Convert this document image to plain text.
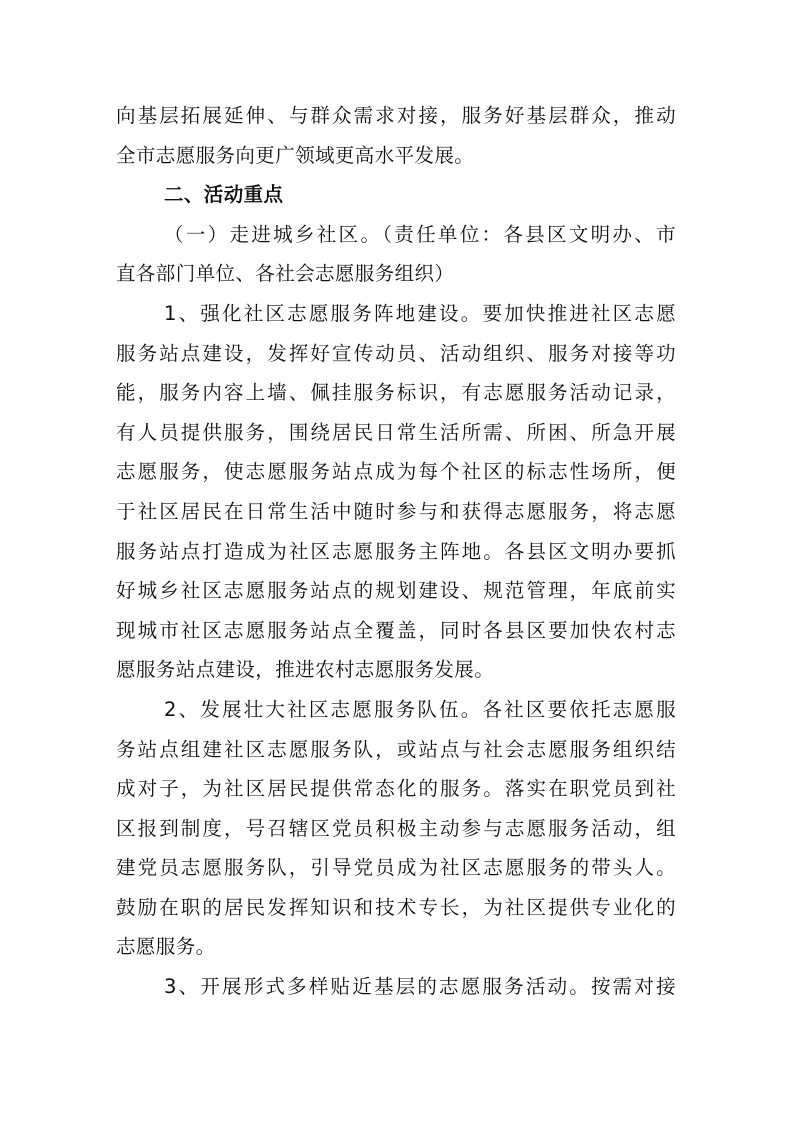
向基层拓展延伸、与群众需求对接，服务好基层群众，推动
全市志愿服务向更广领域更高水平发展。
二、活动重点
（一）走进城乡社区。（责任单位：各县区文明办、市
直各部门单位、各社会志愿服务组织）
1、强化社区志愿服务阵地建设。要加快推进社区志愿
服务站点建设，发挥好宣传动员、活动组织、服务对接等功
能，服务内容上墙、佩挂服务标识，有志愿服务活动记录，
有人员提供服务，围绕居民日常生活所需、所困、所急开展
志愿服务，使志愿服务站点成为每个社区的标志性场所，便
于社区居民在日常生活中随时参与和获得志愿服务，将志愿
服务站点打造成为社区志愿服务主阵地。各县区文明办要抓
好城乡社区志愿服务站点的规划建设、规范管理，年底前实
现城市社区志愿服务站点全覆盖，同时各县区要加快农村志
愿服务站点建设，推进农村志愿服务发展。
2、发展壮大社区志愿服务队伍。各社区要依托志愿服
务站点组建社区志愿服务队，或站点与社会志愿服务组织结
成对子，为社区居民提供常态化的服务。落实在职党员到社
区报到制度，号召辖区党员积极主动参与志愿服务活动，组
建党员志愿服务队，引导党员成为社区志愿服务的带头人。
鼓励在职的居民发挥知识和技术专长，为社区提供专业化的
志愿服务。
3、开展形式多样贴近基层的志愿服务活动。按需对接
